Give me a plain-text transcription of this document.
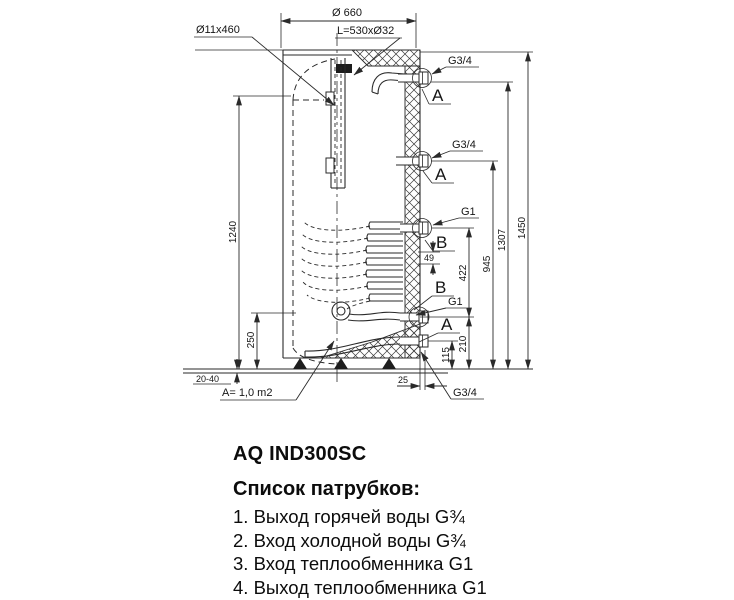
1450
1307
945
422
210
115
49
25
1240
250
20-40
A= 1,0 m2
Ø 660
Ø11x460	L=530xØ32
G3/4
A
G3/4
A
G1
B
B
G1
A
G3/4
AQ IND300SC
Список патрубков:
1. Выход горячей воды G¾
2. Вход холодной воды G¾
3. Вход теплообменника G1
4. Выход теплообменника G1
